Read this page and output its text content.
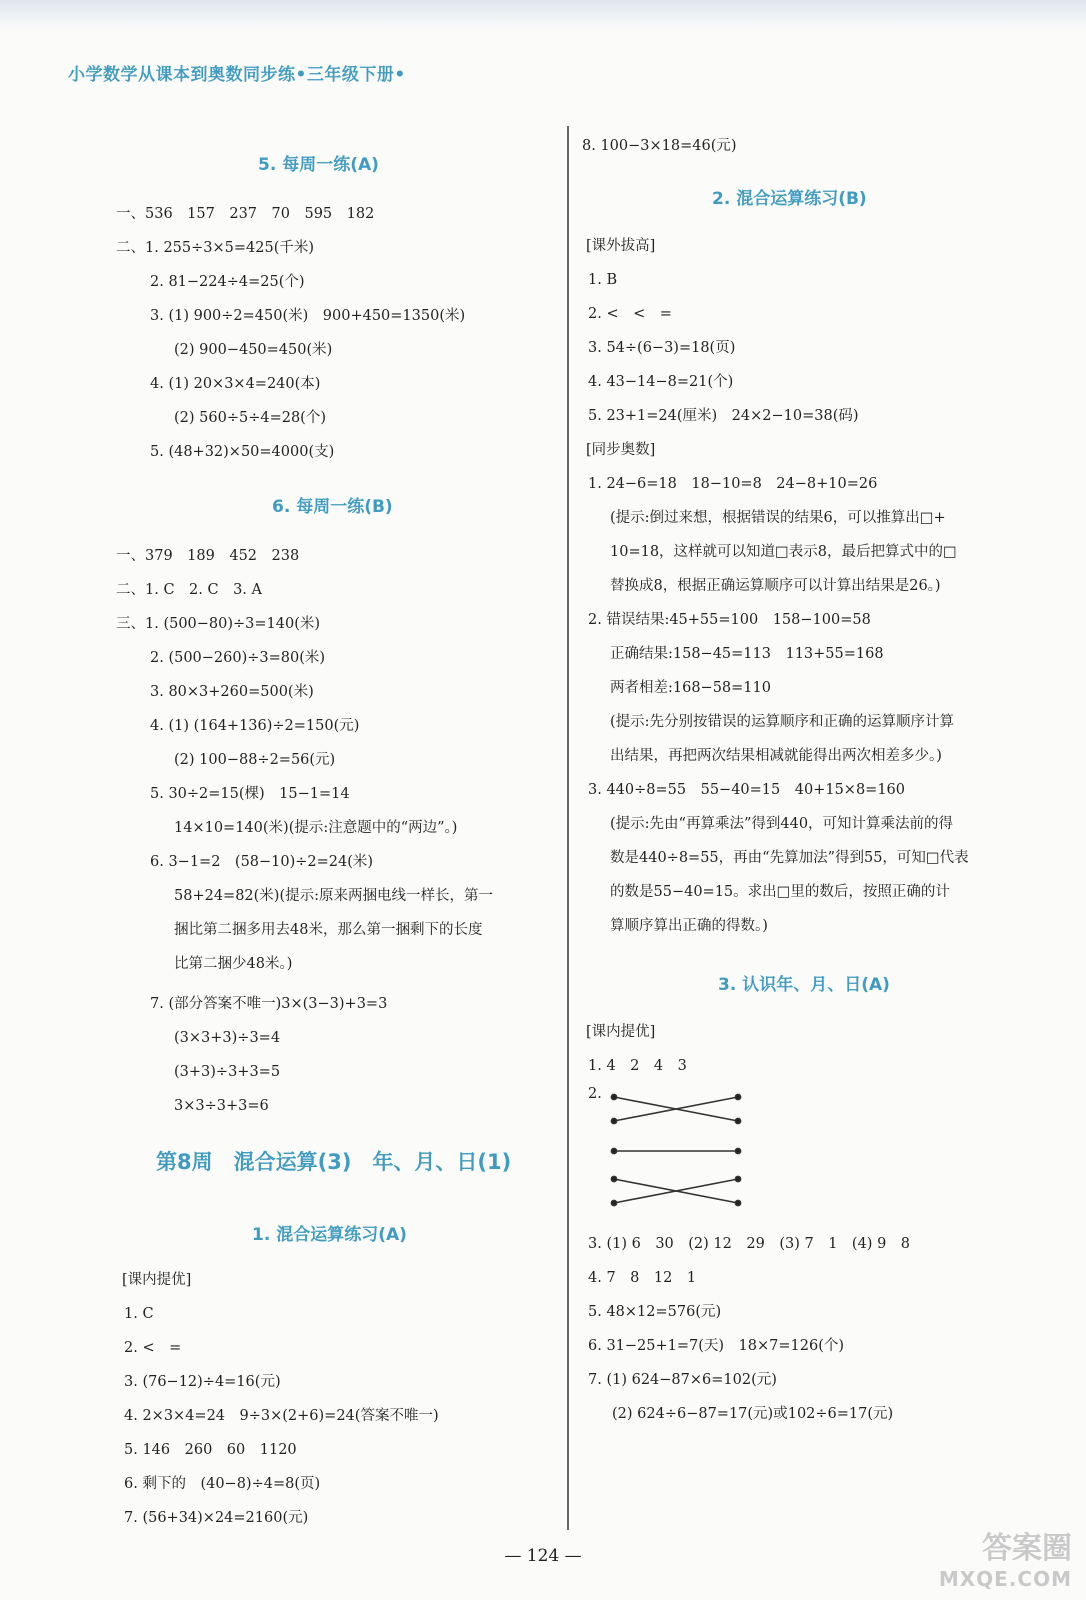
小学数学从课本到奥数同步练•三年级下册•
5. 每周一练(A)
一、536　157　237　70　595　182
二、1. 255÷3×5=425(千米)
2. 81−224÷4=25(个)
3. (1) 900÷2=450(米)　900+450=1350(米)
(2) 900−450=450(米)
4. (1) 20×3×4=240(本)
(2) 560÷5÷4=28(个)
5. (48+32)×50=4000(支)
6. 每周一练(B)
一、379　189　452　238
二、1. C　2. C　3. A
三、1. (500−80)÷3=140(米)
2. (500−260)÷3=80(米)
3. 80×3+260=500(米)
4. (1) (164+136)÷2=150(元)
(2) 100−88÷2=56(元)
5. 30÷2=15(棵)　15−1=14
14×10=140(米)(提示:注意题中的“两边”。)
6. 3−1=2　(58−10)÷2=24(米)
58+24=82(米)(提示:原来两捆电线一样长，第一
捆比第二捆多用去48米，那么第一捆剩下的长度
比第二捆少48米。)
7. (部分答案不唯一)3×(3−3)+3=3
(3×3+3)÷3=4
(3+3)÷3+3=5
3×3÷3+3=6
第8周　混合运算(3)　年、月、日(1)
1. 混合运算练习(A)
[课内提优]
1. C
2. <　=
3. (76−12)÷4=16(元)
4. 2×3×4=24　9÷3×(2+6)=24(答案不唯一)
5. 146　260　60　1120
6. 剩下的　(40−8)÷4=8(页)
7. (56+34)×24=2160(元)
8. 100−3×18=46(元)
2. 混合运算练习(B)
[课外拔高]
1. B
2. <　<　=
3. 54÷(6−3)=18(页)
4. 43−14−8=21(个)
5. 23+1=24(厘米)　24×2−10=38(码)
[同步奥数]
1. 24−6=18　18−10=8　24−8+10=26
(提示:倒过来想，根据错误的结果6，可以推算出□+
10=18，这样就可以知道□表示8，最后把算式中的□
替换成8，根据正确运算顺序可以计算出结果是26。)
2. 错误结果:45+55=100　158−100=58
正确结果:158−45=113　113+55=168
两者相差:168−58=110
(提示:先分别按错误的运算顺序和正确的运算顺序计算
出结果，再把两次结果相减就能得出两次相差多少。)
3. 440÷8=55　55−40=15　40+15×8=160
(提示:先由“再算乘法”得到440，可知计算乘法前的得
数是440÷8=55，再由“先算加法”得到55，可知□代表
的数是55−40=15。求出□里的数后，按照正确的计
算顺序算出正确的得数。)
3. 认识年、月、日(A)
[课内提优]
1. 4　2　4　3
2.
3. (1) 6　30　(2) 12　29　(3) 7　1　(4) 9　8
4. 7　8　12　1
5. 48×12=576(元)
6. 31−25+1=7(天)　18×7=126(个)
7. (1) 624−87×6=102(元)
(2) 624÷6−87=17(元)或102÷6=17(元)
— 124 —	答案圈
MXQE.COM
